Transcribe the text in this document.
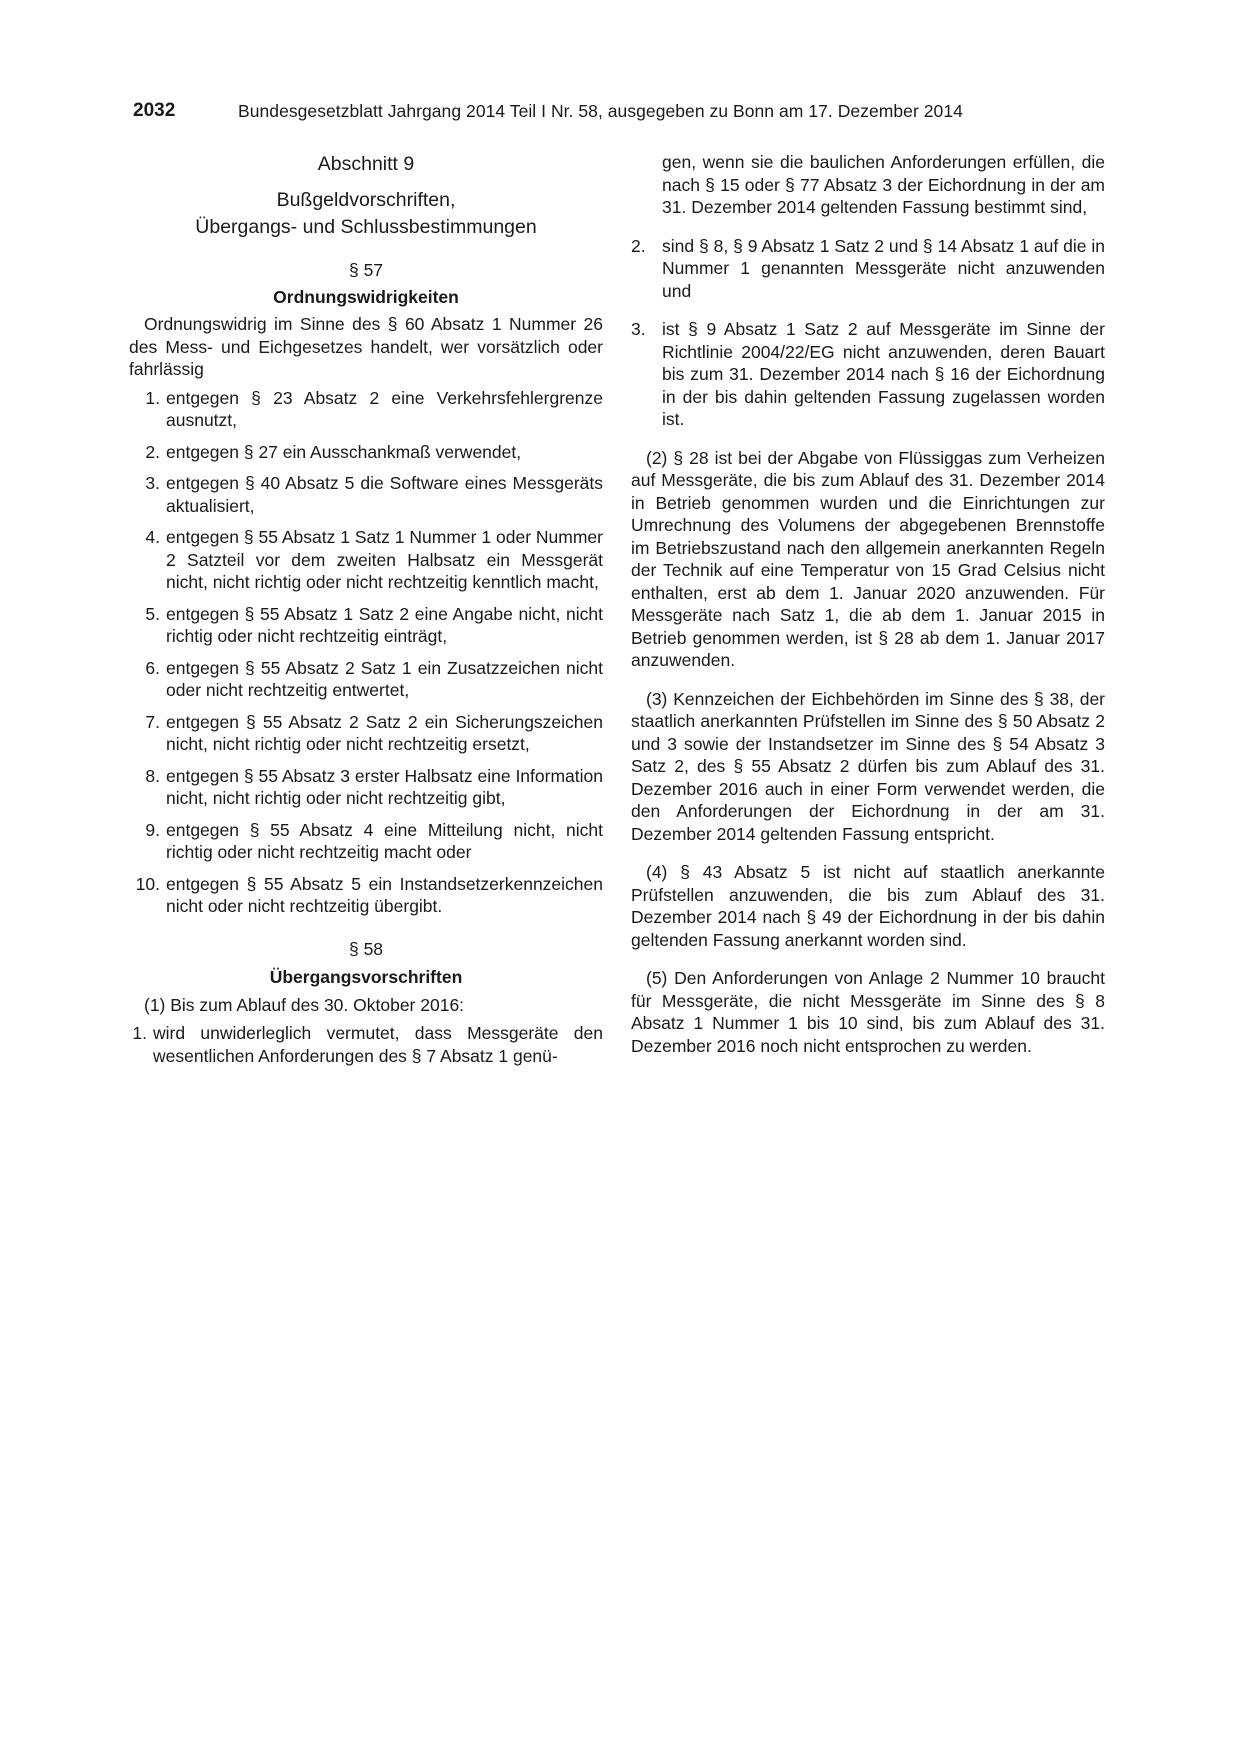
2032	Bundesgesetzblatt Jahrgang 2014 Teil I Nr. 58, ausgegeben zu Bonn am 17. Dezember 2014
Abschnitt 9
Bußgeldvorschriften,
Übergangs- und Schlussbestimmungen
§ 57
Ordnungswidrigkeiten

Ordnungswidrig im Sinne des § 60 Absatz 1 Nummer 26 des Mess- und Eichgesetzes handelt, wer vorsätzlich oder fahrlässig

1. entgegen § 23 Absatz 2 eine Verkehrsfehlergrenze ausnutzt,
2. entgegen § 27 ein Ausschankmaß verwendet,
3. entgegen § 40 Absatz 5 die Software eines Messgeräts aktualisiert,
4. entgegen § 55 Absatz 1 Satz 1 Nummer 1 oder Nummer 2 Satzteil vor dem zweiten Halbsatz ein Messgerät nicht, nicht richtig oder nicht rechtzeitig kenntlich macht,
5. entgegen § 55 Absatz 1 Satz 2 eine Angabe nicht, nicht richtig oder nicht rechtzeitig einträgt,
6. entgegen § 55 Absatz 2 Satz 1 ein Zusatzzeichen nicht oder nicht rechtzeitig entwertet,
7. entgegen § 55 Absatz 2 Satz 2 ein Sicherungszeichen nicht, nicht richtig oder nicht rechtzeitig ersetzt,
8. entgegen § 55 Absatz 3 erster Halbsatz eine Information nicht, nicht richtig oder nicht rechtzeitig gibt,
9. entgegen § 55 Absatz 4 eine Mitteilung nicht, nicht richtig oder nicht rechtzeitig macht oder
10. entgegen § 55 Absatz 5 ein Instandsetzerkennzeichen nicht oder nicht rechtzeitig übergibt.
§ 58
Übergangsvorschriften

(1) Bis zum Ablauf des 30. Oktober 2016:

1. wird unwiderleglich vermutet, dass Messgeräte den wesentlichen Anforderungen des § 7 Absatz 1 genü-

gen, wenn sie die baulichen Anforderungen erfüllen, die nach § 15 oder § 77 Absatz 3 der Eichordnung in der am 31. Dezember 2014 geltenden Fassung bestimmt sind,

2. sind § 8, § 9 Absatz 1 Satz 2 und § 14 Absatz 1 auf die in Nummer 1 genannten Messgeräte nicht anzuwenden und
3. ist § 9 Absatz 1 Satz 2 auf Messgeräte im Sinne der Richtlinie 2004/22/EG nicht anzuwenden, deren Bauart bis zum 31. Dezember 2014 nach § 16 der Eichordnung in der bis dahin geltenden Fassung zugelassen worden ist.

(2) § 28 ist bei der Abgabe von Flüssiggas zum Verheizen auf Messgeräte, die bis zum Ablauf des 31. Dezember 2014 in Betrieb genommen wurden und die Einrichtungen zur Umrechnung des Volumens der abgegebenen Brennstoffe im Betriebszustand nach den allgemein anerkannten Regeln der Technik auf eine Temperatur von 15 Grad Celsius nicht enthalten, erst ab dem 1. Januar 2020 anzuwenden. Für Messgeräte nach Satz 1, die ab dem 1. Januar 2015 in Betrieb genommen werden, ist § 28 ab dem 1. Januar 2017 anzuwenden.

(3) Kennzeichen der Eichbehörden im Sinne des § 38, der staatlich anerkannten Prüfstellen im Sinne des § 50 Absatz 2 und 3 sowie der Instandsetzer im Sinne des § 54 Absatz 3 Satz 2, des § 55 Absatz 2 dürfen bis zum Ablauf des 31. Dezember 2016 auch in einer Form verwendet werden, die den Anforderungen der Eichordnung in der am 31. Dezember 2014 geltenden Fassung entspricht.

(4) § 43 Absatz 5 ist nicht auf staatlich anerkannte Prüfstellen anzuwenden, die bis zum Ablauf des 31. Dezember 2014 nach § 49 der Eichordnung in der bis dahin geltenden Fassung anerkannt worden sind.

(5) Den Anforderungen von Anlage 2 Nummer 10 braucht für Messgeräte, die nicht Messgeräte im Sinne des § 8 Absatz 1 Nummer 1 bis 10 sind, bis zum Ablauf des 31. Dezember 2016 noch nicht entsprochen zu werden.
